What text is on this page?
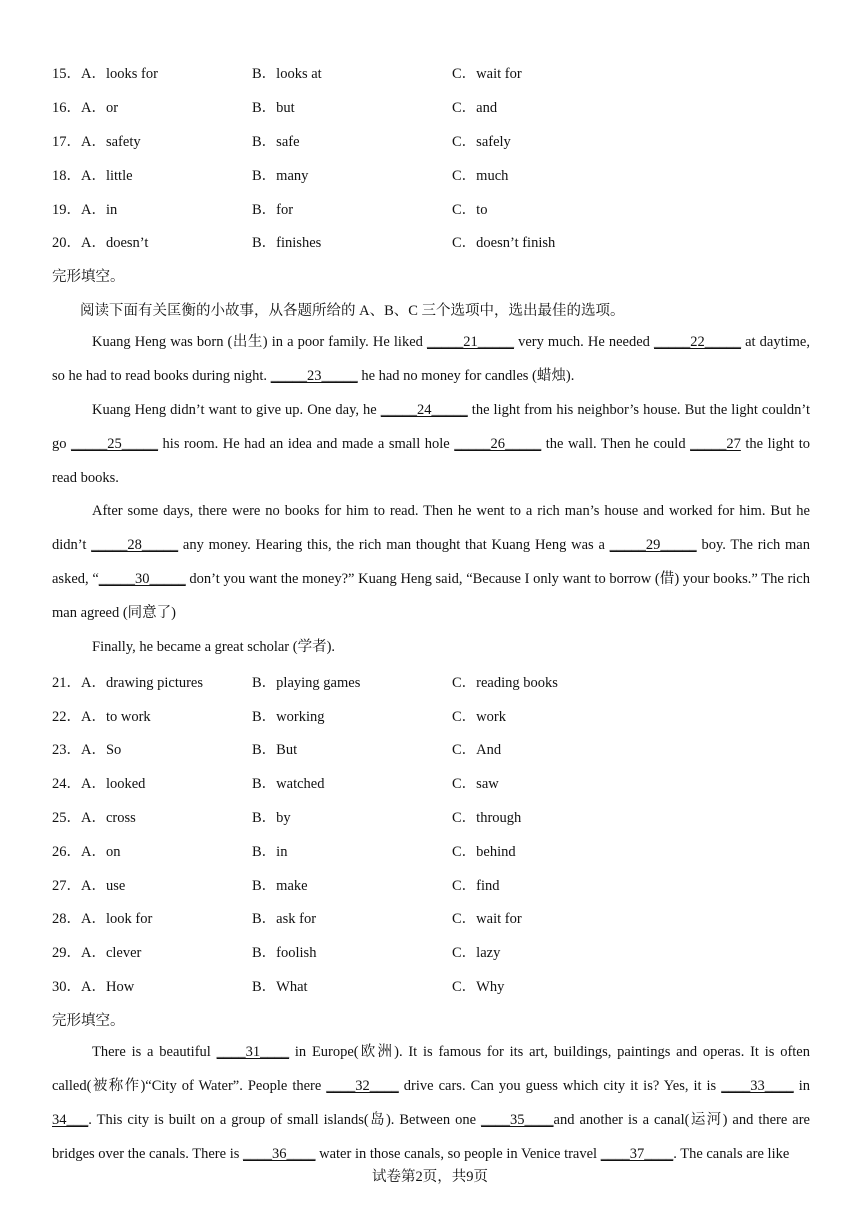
15．A．looks for	B．looks at	C．wait for
16．A．or	B．but	C．and
17．A．safety	B．safe	C．safely
18．A．little	B．many	C．much
19．A．in	B．for	C．to
20．A．doesn’t	B．finishes	C．doesn’t finish
完形填空。
阅读下面有关匡衡的小故事，从各题所给的 A、B、C 三个选项中，选出最佳的选项。

Kuang Heng was born (出生) in a poor family. He liked _____21_____ very much. He needed _____22_____ at daytime, so he had to read books during night. _____23_____ he had no money for candles (蜡烛).

Kuang Heng didn’t want to give up. One day, he _____24_____ the light from his neighbor’s house. But the light couldn’t go _____25_____ his room. He had an idea and made a small hole _____26_____ the wall. Then he could _____27 the light to read books.

After some days, there were no books for him to read. Then he went to a rich man’s house and worked for him. But he didn’t _____28_____ any money. Hearing this, the rich man thought that Kuang Heng was a _____29_____ boy. The rich man asked, “_____30_____ don’t you want the money?” Kuang Heng said, “Because I only want to borrow (借) your books.” The rich man agreed (同意了)

Finally, he became a great scholar (学者).

21．A．drawing pictures	B．playing games	C．reading books
22．A．to work	B．working	C．work
23．A．So	B．But	C．And
24．A．looked	B．watched	C．saw
25．A．cross	B．by	C．through
26．A．on	B．in	C．behind
27．A．use	B．make	C．find
28．A．look for	B．ask for	C．wait for
29．A．clever	B．foolish	C．lazy
30．A．How	B．What	C．Why
完形填空。

There is a beautiful ____31____ in Europe(欧洲). It is famous for its art, buildings, paintings and operas. It is often called(被称作)“City of Water”. People there ____32____ drive cars. Can you guess which city it is? Yes, it is ____33____ in 34___. This city is built on a group of small islands(岛). Between one ____35____and another is a canal(运河) and there are bridges over the canals. There is ____36____ water in those canals, so people in Venice travel ____37____. The canals are like

试卷第2页，共9页
